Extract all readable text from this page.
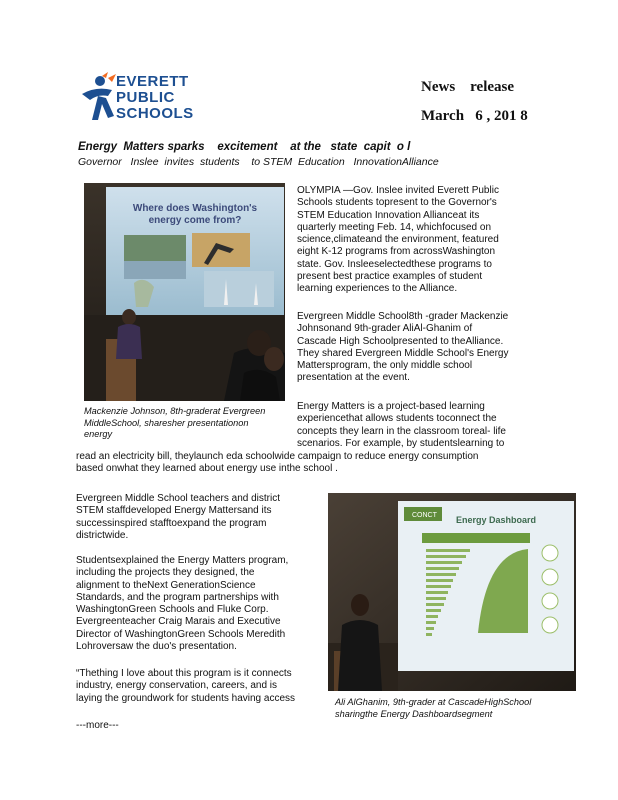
EVERETT
PUBLIC
SCHOOLS
News    release
March   6 , 201 8
Energy  Matters sparks    excitement    at the   state  capit  o l
Governor   Inslee  invites  students    to STEM  Education   InnovationAlliance
Where does Washington's
energy come from?
Mackenzie Johnson, 8th-graderat Evergreen
MiddleSchool, sharesher presentationon
energy

OLYMPIA —Gov. Inslee invited Everett Public

Schools students topresent to the Governor's

STEM Education Innovation Allianceat its

quarterly meeting Feb. 14, whichfocused on

science,climateand the environment, featured

eight K-12 programs from acrossWashington

state. Gov. Insleeselectedthese programs to

present best practice examples of student

learning experiences to the Alliance.

Evergreen Middle School8th -grader Mackenzie

Johnsonand 9th-grader AliAl-Ghanim of

Cascade High Schoolpresented to theAlliance.

They shared Evergreen Middle School's Energy

Mattersprogram, the only middle school

presentation at the event.

Energy Matters is a project-based learning

experiencethat allows students toconnect the

concepts they learn in the classroom toreal- life

scenarios. For example, by studentslearning to

read an electricity bill, theylaunch eda schoolwide campaign to reduce energy consumption

based onwhat they learned about energy use inthe school .

Evergreen Middle School teachers and district

STEM staffdeveloped Energy Mattersand its

successinspired stafftoexpand the program

districtwide.

Studentsexplained the Energy Matters program,

including the projects they designed, the

alignment to theNext GenerationScience

Standards, and the program partnerships with

WashingtonGreen Schools and Fluke Corp.

Evergreenteacher Craig Marais and Executive

Director of WashingtonGreen Schools Meredith

Lohroversaw the duo's presentation.

“Thething I love about this program is it connects

industry, energy conservation, careers, and is

laying the groundwork for students having access

---more---
CONCT Energy Dashboard
Ali AlGhanim, 9th-grader at CascadeHighSchool
sharingthe Energy Dashboardsegment
